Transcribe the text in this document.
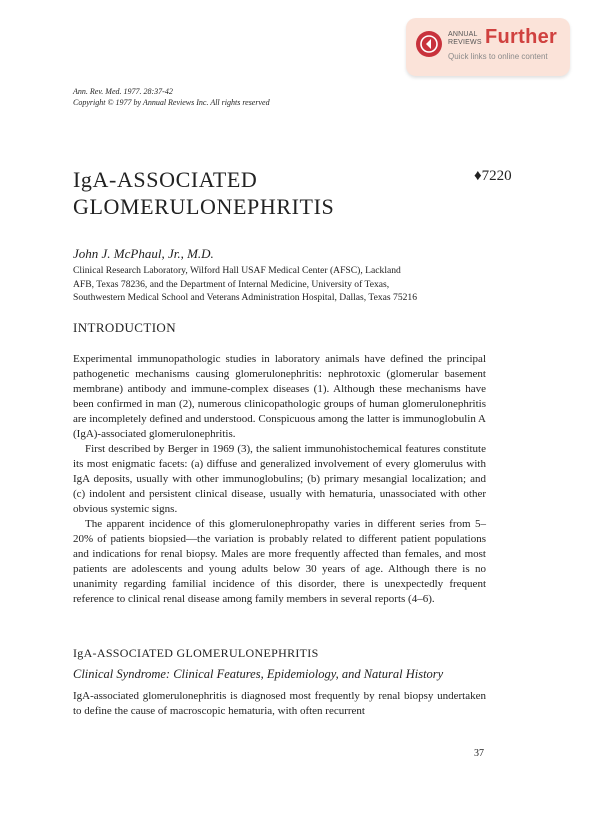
ANNUAL
REVIEWS Further
Quick links to online content
Ann. Rev. Med. 1977. 28:37-42
Copyright © 1977 by Annual Reviews Inc. All rights reserved
IgA-ASSOCIATED
GLOMERULONEPHRITIS
♦7220
John J. McPhaul, Jr., M.D.
Clinical Research Laboratory, Wilford Hall USAF Medical Center (AFSC), Lackland
AFB, Texas 78236, and the Department of Internal Medicine, University of Texas,
Southwestern Medical School and Veterans Administration Hospital, Dallas, Texas 75216
INTRODUCTION

Experimental immunopathologic studies in laboratory animals have defined the principal pathogenetic mechanisms causing glomerulonephritis: nephrotoxic (glomerular basement membrane) antibody and immune-complex diseases (1). Although these mechanisms have been confirmed in man (2), numerous clinicopathologic groups of human glomerulonephritis are incompletely defined and understood. Conspicuous among the latter is immunoglobulin A (IgA)-associated glomerulonephritis.

First described by Berger in 1969 (3), the salient immunohistochemical features constitute its most enigmatic facets: (a) diffuse and generalized involvement of every glomerulus with IgA deposits, usually with other immunoglobulins; (b) primary mesangial localization; and (c) indolent and persistent clinical disease, usually with hematuria, unassociated with other obvious systemic signs.

The apparent incidence of this glomerulonephropathy varies in different series from 5–20% of patients biopsied—the variation is probably related to different patient populations and indications for renal biopsy. Males are more frequently affected than females, and most patients are adolescents and young adults below 30 years of age. Although there is no unanimity regarding familial incidence of this disorder, there is unexpectedly frequent reference to clinical renal disease among family members in several reports (4–6).

IgA-ASSOCIATED GLOMERULONEPHRITIS
Clinical Syndrome: Clinical Features, Epidemiology, and Natural History

IgA-associated glomerulonephritis is diagnosed most frequently by renal biopsy undertaken to define the cause of macroscopic hematuria, with often recurrent

37
